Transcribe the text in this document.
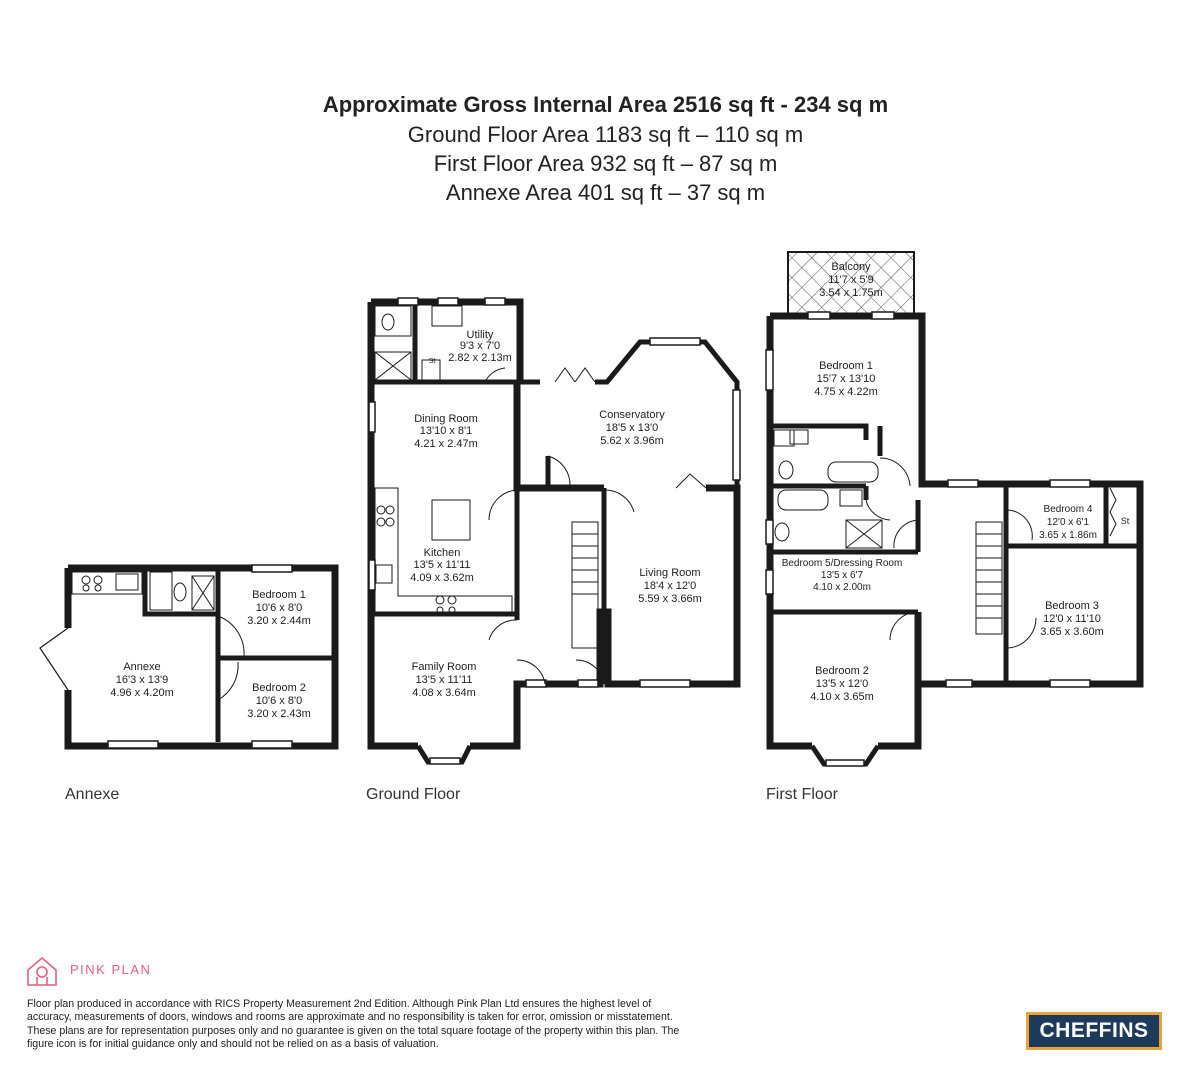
Approximate Gross Internal Area 2516 sq ft - 234 sq m
Ground Floor Area 1183 sq ft – 110 sq m
First Floor Area 932 sq ft – 87 sq m
Annexe Area 401 sq ft – 37 sq m
Annexe
16'3 x 13'9
4.96 x 4.20m
Bedroom 1
10'6 x 8'0
3.20 x 2.44m
Bedroom 2
10'6 x 8'0
3.20 x 2.43m
St
Utility
9'3 x 7'0
2.82 x 2.13m
Dining Room
13'10 x 8'1
4.21 x 2.47m
Kitchen
13'5 x 11'11
4.09 x 3.62m
Family Room
13'5 x 11'11
4.08 x 3.64m
Conservatory
18'5 x 13'0
5.62 x 3.96m
Living Room
18'4 x 12'0
5.59 x 3.66m
Balcony
11'7 x 5'9
3.54 x 1.75m
Bedroom 1
15'7 x 13'10
4.75 x 4.22m
Bedroom 5/Dressing Room
13'5 x 6'7
4.10 x 2.00m
Bedroom 2
13'5 x 12'0
4.10 x 3.65m
Bedroom 4
12'0 x 6'1
3.65 x 1.86m
St
Bedroom 3
12'0 x 11'10
3.65 x 3.60m
Annexe	Ground Floor	First Floor
PINK PLAN
Floor plan produced in accordance with RICS Property Measurement 2nd Edition. Although Pink Plan Ltd ensures the highest level of accuracy, measurements of doors, windows and rooms are approximate and no responsibility is taken for error, omission or misstatement. These plans are for representation purposes only and no guarantee is given on the total square footage of the property within this plan. The figure icon is for initial guidance only and should not be relied on as a basis of valuation.
CHEFFINS
